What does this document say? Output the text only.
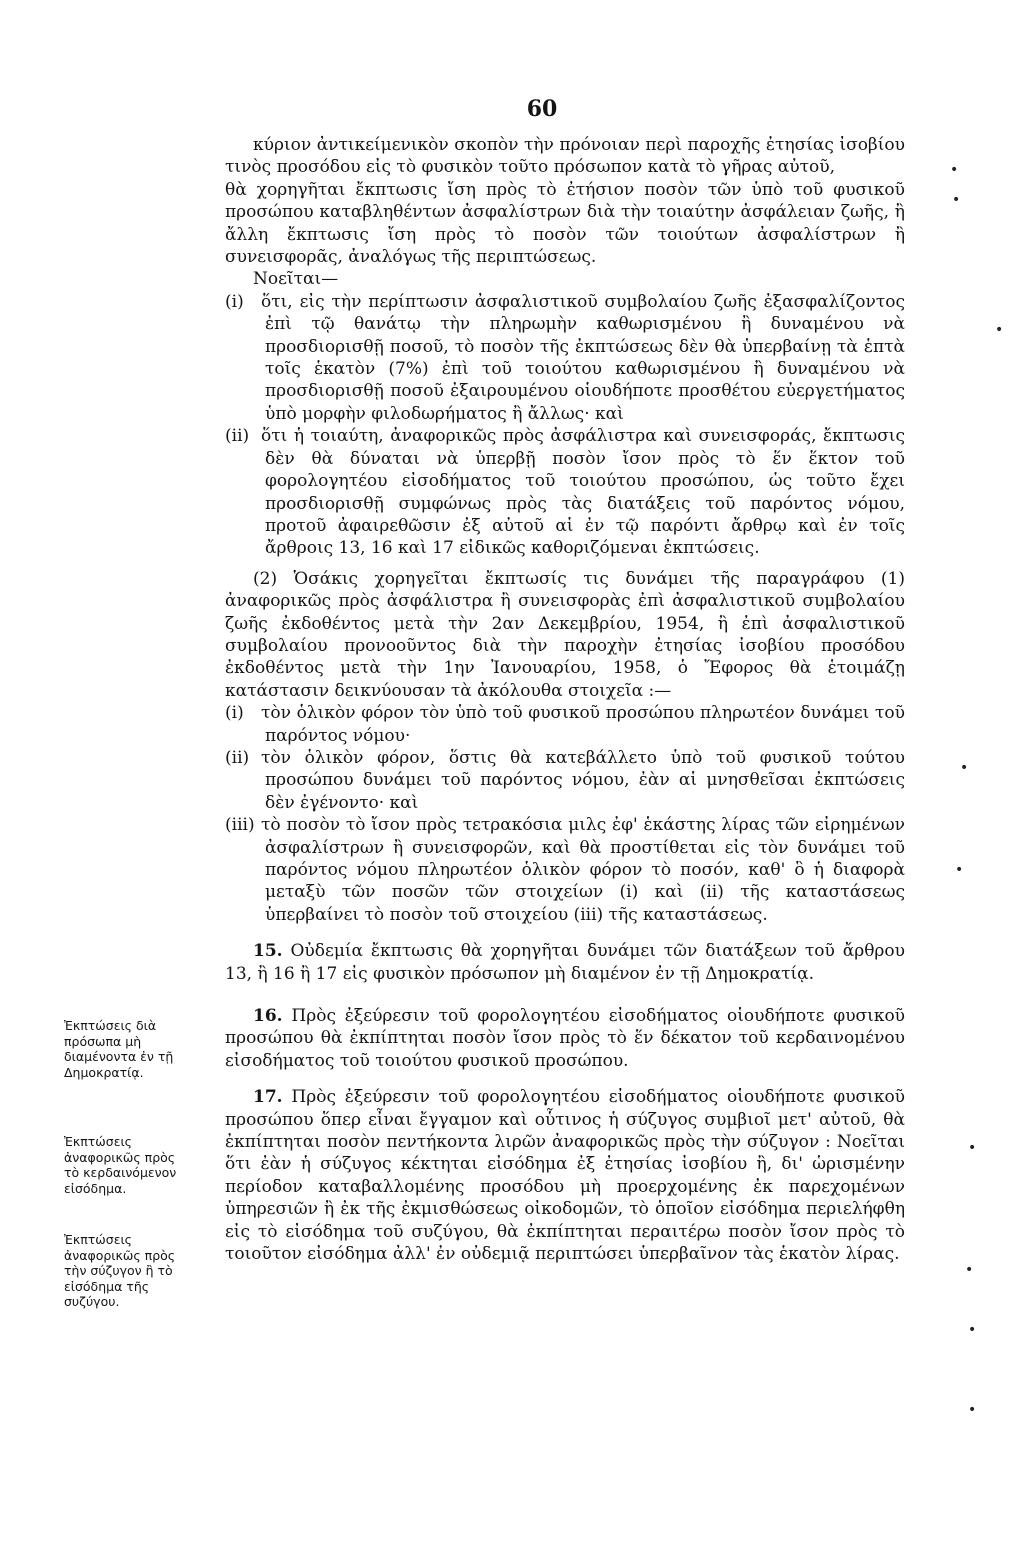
60

κύριον ἀντικείμενικὸν σκοπὸν τὴν πρόνοιαν περὶ παροχῆς ἐτησίας ἰσοβίου τινὸς προσόδου εἰς τὸ φυσικὸν τοῦτο πρόσωπον κατὰ τὸ γῆρας αὐτοῦ,

θὰ χορηγῆται ἔκπτωσις ἴση πρὸς τὸ ἐτήσιον ποσὸν τῶν ὑπὸ τοῦ φυσικοῦ προσώπου καταβληθέντων ἀσφαλίστρων διὰ τὴν τοιαύτην ἀσφάλειαν ζωῆς, ἢ ἄλλη ἔκπτωσις ἴση πρὸς τὸ ποσὸν τῶν τοιούτων ἀσφαλίστρων ἢ συνεισφορᾶς, ἀναλόγως τῆς περιπτώσεως.

Νοεῖται—

(i) ὅτι, εἰς τὴν περίπτωσιν ἀσφαλιστικοῦ συμβολαίου ζωῆς ἐξασφαλίζοντος ἐπὶ τῷ θανάτῳ τὴν πληρωμὴν καθωρισμένου ἢ δυναμένου νὰ προσδιορισθῇ ποσοῦ, τὸ ποσὸν τῆς ἐκπτώσεως δὲν θὰ ὑπερβαίνῃ τὰ ἑπτὰ τοῖς ἑκατὸν (7%) ἐπὶ τοῦ τοιούτου καθωρισμένου ἢ δυναμένου νὰ προσδιορισθῇ ποσοῦ ἐξαιρουμένου οἱουδήποτε προσθέτου εὐεργετήματος ὑπὸ μορφὴν φιλοδωρήματος ἢ ἄλλως· καὶ

(ii) ὅτι ἡ τοιαύτη, ἀναφορικῶς πρὸς ἀσφάλιστρα καὶ συνεισφοράς, ἔκπτωσις δὲν θὰ δύναται νὰ ὑπερβῇ ποσὸν ἴσον πρὸς τὸ ἕν ἕκτον τοῦ φορολογητέου εἰσοδήματος τοῦ τοιούτου προσώπου, ὡς τοῦτο ἔχει προσδιορισθῇ συμφώνως πρὸς τὰς διατάξεις τοῦ παρόντος νόμου, προτοῦ ἀφαιρεθῶσιν ἐξ αὐτοῦ αἱ ἐν τῷ παρόντι ἄρθρῳ καὶ ἐν τοῖς ἄρθροις 13, 16 καὶ 17 εἰδικῶς καθοριζόμεναι ἐκπτώσεις.

(2) Ὁσάκις χορηγεῖται ἔκπτωσίς τις δυνάμει τῆς παραγράφου (1) ἀναφορικῶς πρὸς ἀσφάλιστρα ἢ συνεισφορὰς ἐπὶ ἀσφαλιστικοῦ συμβολαίου ζωῆς ἐκδοθέντος μετὰ τὴν 2αν Δεκεμβρίου, 1954, ἢ ἐπὶ ἀσφαλιστικοῦ συμβολαίου προνοοῦντος διὰ τὴν παροχὴν ἐτησίας ἰσοβίου προσόδου ἐκδοθέντος μετὰ τὴν 1ην Ἰανουαρίου, 1958, ὁ Ἔφορος θὰ ἑτοιμάζῃ κατάστασιν δεικνύουσαν τὰ ἀκόλουθα στοιχεῖα :—

(i) τὸν ὁλικὸν φόρον τὸν ὑπὸ τοῦ φυσικοῦ προσώπου πληρωτέον δυνάμει τοῦ παρόντος νόμου·

(ii) τὸν ὁλικὸν φόρον, ὅστις θὰ κατεβάλλετο ὑπὸ τοῦ φυσικοῦ τούτου προσώπου δυνάμει τοῦ παρόντος νόμου, ἐὰν αἱ μνησθεῖσαι ἐκπτώσεις δὲν ἐγένοντο· καὶ

(iii) τὸ ποσὸν τὸ ἴσον πρὸς τετρακόσια μιλς ἐφ' ἑκάστης λίρας τῶν εἰρημένων ἀσφαλίστρων ἢ συνεισφορῶν, καὶ θὰ προστίθεται εἰς τὸν δυνάμει τοῦ παρόντος νόμου πληρωτέον ὁλικὸν φόρον τὸ ποσόν, καθ' ὃ ἡ διαφορὰ μεταξὺ τῶν ποσῶν τῶν στοιχείων (i) καὶ (ii) τῆς καταστάσεως ὑπερβαίνει τὸ ποσὸν τοῦ στοιχείου (iii) τῆς καταστάσεως.

15. Οὐδεμία ἔκπτωσις θὰ χορηγῆται δυνάμει τῶν διατάξεων τοῦ ἄρθρου 13, ἢ 16 ἢ 17 εἰς φυσικὸν πρόσωπον μὴ διαμένον ἐν τῇ Δημοκρατίᾳ.

16. Πρὸς ἐξεύρεσιν τοῦ φορολογητέου εἰσοδήματος οἱουδήποτε φυσικοῦ προσώπου θὰ ἐκπίπτηται ποσὸν ἴσον πρὸς τὸ ἕν δέκατον τοῦ κερδαινομένου εἰσοδήματος τοῦ τοιούτου φυσικοῦ προσώπου.

17. Πρὸς ἐξεύρεσιν τοῦ φορολογητέου εἰσοδήματος οἱουδήποτε φυσικοῦ προσώπου ὅπερ εἶναι ἔγγαμον καὶ οὗτινος ἡ σύζυγος συμβιοῖ μετ' αὐτοῦ, θὰ ἐκπίπτηται ποσὸν πεντήκοντα λιρῶν ἀναφορικῶς πρὸς τὴν σύζυγον : Νοεῖται ὅτι ἐὰν ἡ σύζυγος κέκτηται εἰσόδημα ἐξ ἐτησίας ἰσοβίου ἢ, δι' ὡρισμένην περίοδον καταβαλλομένης προσόδου μὴ προερχομένης ἐκ παρεχομένων ὑπηρεσιῶν ἢ ἐκ τῆς ἐκμισθώσεως οἰκοδομῶν, τὸ ὁποῖον εἰσόδημα περιελήφθη εἰς τὸ εἰσόδημα τοῦ συζύγου, θὰ ἐκπίπτηται περαιτέρω ποσὸν ἴσον πρὸς τὸ τοιοῦτον εἰσόδημα ἀλλ' ἐν οὐδεμιᾷ περιπτώσει ὑπερβαῖνον τὰς ἑκατὸν λίρας.

Ἐκπτώσεις διὰ πρόσωπα μὴ διαμένοντα ἐν τῇ Δημοκρατίᾳ.
Ἐκπτώσεις ἀναφορικῶς πρὸς τὸ κερδαινόμενον εἰσόδημα.
Ἐκπτώσεις ἀναφορικῶς πρὸς τὴν σύζυγον ἢ τὸ εἰσόδημα τῆς συζύγου.
•
•
•
•
•
•
•
•
•
